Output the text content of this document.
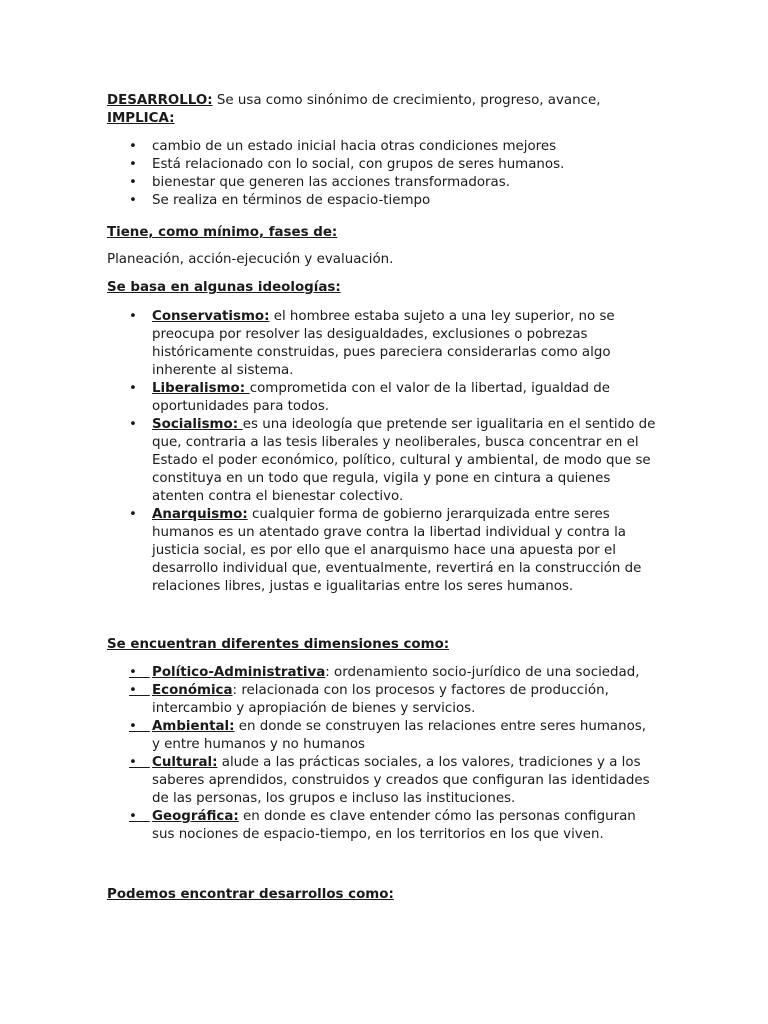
DESARROLLO: Se usa como sinónimo de crecimiento, progreso, avance,
IMPLICA:
• cambio de un estado inicial hacia otras condiciones mejores
• Está relacionado con lo social, con grupos de seres humanos.
• bienestar que generen las acciones transformadoras.
• Se realiza en términos de espacio-tiempo
Tiene, como mínimo, fases de:
Planeación, acción-ejecución y evaluación.
Se basa en algunas ideologías:
• Conservatismo: el hombree estaba sujeto a una ley superior, no se preocupa por resolver las desigualdades, exclusiones o pobrezas históricamente construidas, pues pareciera considerarlas como algo inherente al sistema.
• Liberalismo: comprometida con el valor de la libertad, igualdad de oportunidades para todos.
• Socialismo: es una ideología que pretende ser igualitaria en el sentido de que, contraria a las tesis liberales y neoliberales, busca concentrar en el Estado el poder económico, político, cultural y ambiental, de modo que se constituya en un todo que regula, vigila y pone en cintura a quienes atenten contra el bienestar colectivo.
• Anarquismo: cualquier forma de gobierno jerarquizada entre seres humanos es un atentado grave contra la libertad individual y contra la justicia social, es por ello que el anarquismo hace una apuesta por el desarrollo individual que, eventualmente, revertirá en la construcción de relaciones libres, justas e igualitarias entre los seres humanos.
Se encuentran diferentes dimensiones como:
•	Político-Administrativa: ordenamiento socio-jurídico de una sociedad,
•	Económica: relacionada con los procesos y factores de producción, intercambio y apropiación de bienes y servicios.
•	Ambiental: en donde se construyen las relaciones entre seres humanos, y entre humanos y no humanos
•	Cultural: alude a las prácticas sociales, a los valores, tradiciones y a los saberes aprendidos, construidos y creados que configuran las identidades de las personas, los grupos e incluso las instituciones.
•	Geográfica: en donde es clave entender cómo las personas configuran sus nociones de espacio-tiempo, en los territorios en los que viven.
Podemos encontrar desarrollos como:
